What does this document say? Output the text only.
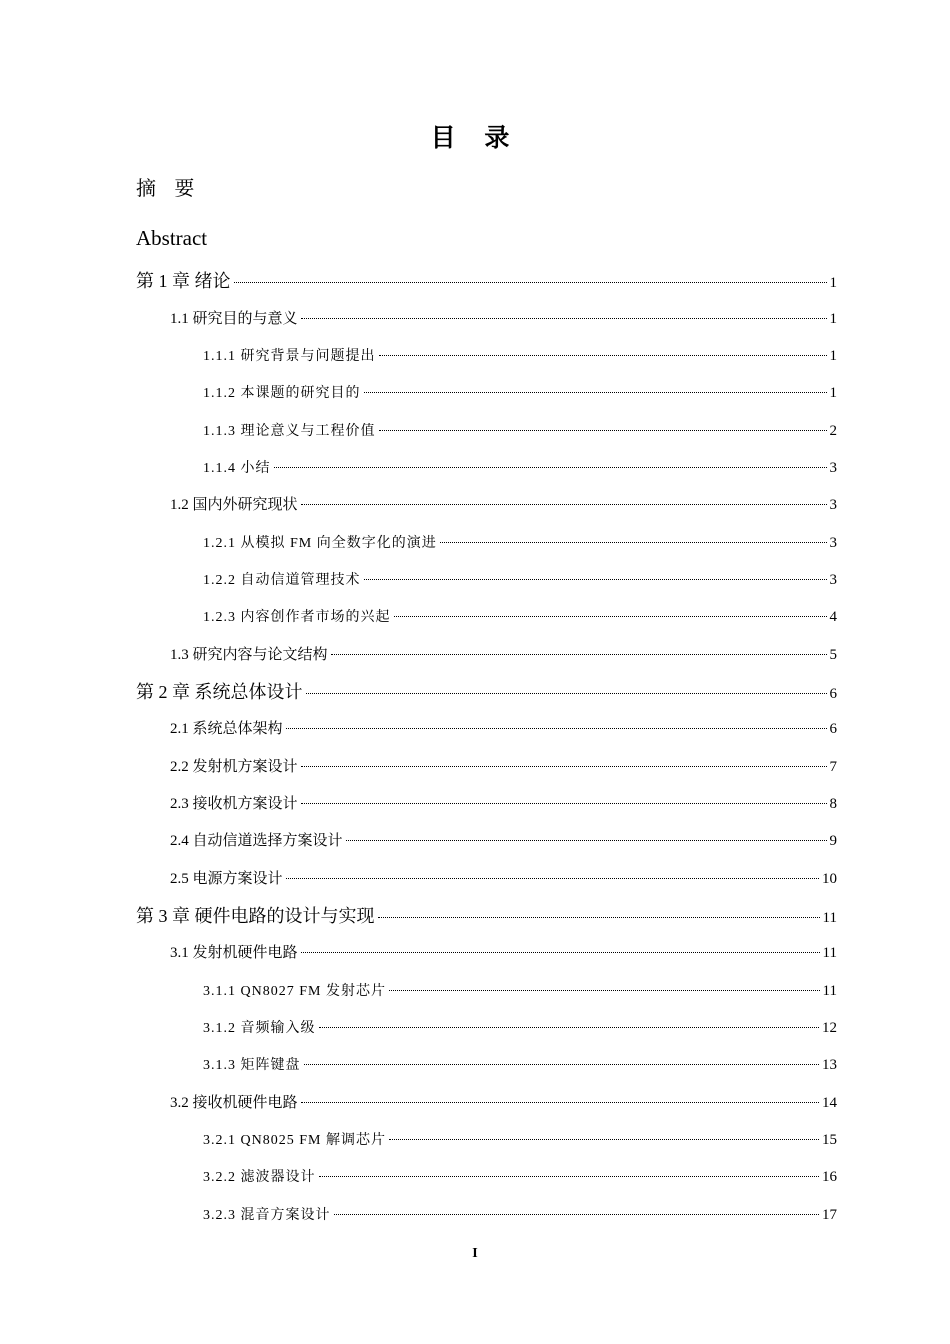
目 录
摘 要
Abstract
第 1 章 绪论	1
1.1 研究目的与意义	1
1.1.1 研究背景与问题提出	1
1.1.2 本课题的研究目的	1
1.1.3 理论意义与工程价值	2
1.1.4 小结	3
1.2 国内外研究现状	3
1.2.1 从模拟 FM 向全数字化的演进	3
1.2.2 自动信道管理技术	3
1.2.3 内容创作者市场的兴起	4
1.3 研究内容与论文结构	5
第 2 章 系统总体设计	6
2.1 系统总体架构	6
2.2 发射机方案设计	7
2.3 接收机方案设计	8
2.4 自动信道选择方案设计	9
2.5 电源方案设计	10
第 3 章 硬件电路的设计与实现	11
3.1 发射机硬件电路	11
3.1.1 QN8027 FM 发射芯片	11
3.1.2 音频输入级	12
3.1.3 矩阵键盘	13
3.2 接收机硬件电路	14
3.2.1 QN8025 FM 解调芯片	15
3.2.2 滤波器设计	16
3.2.3 混音方案设计	17
I
